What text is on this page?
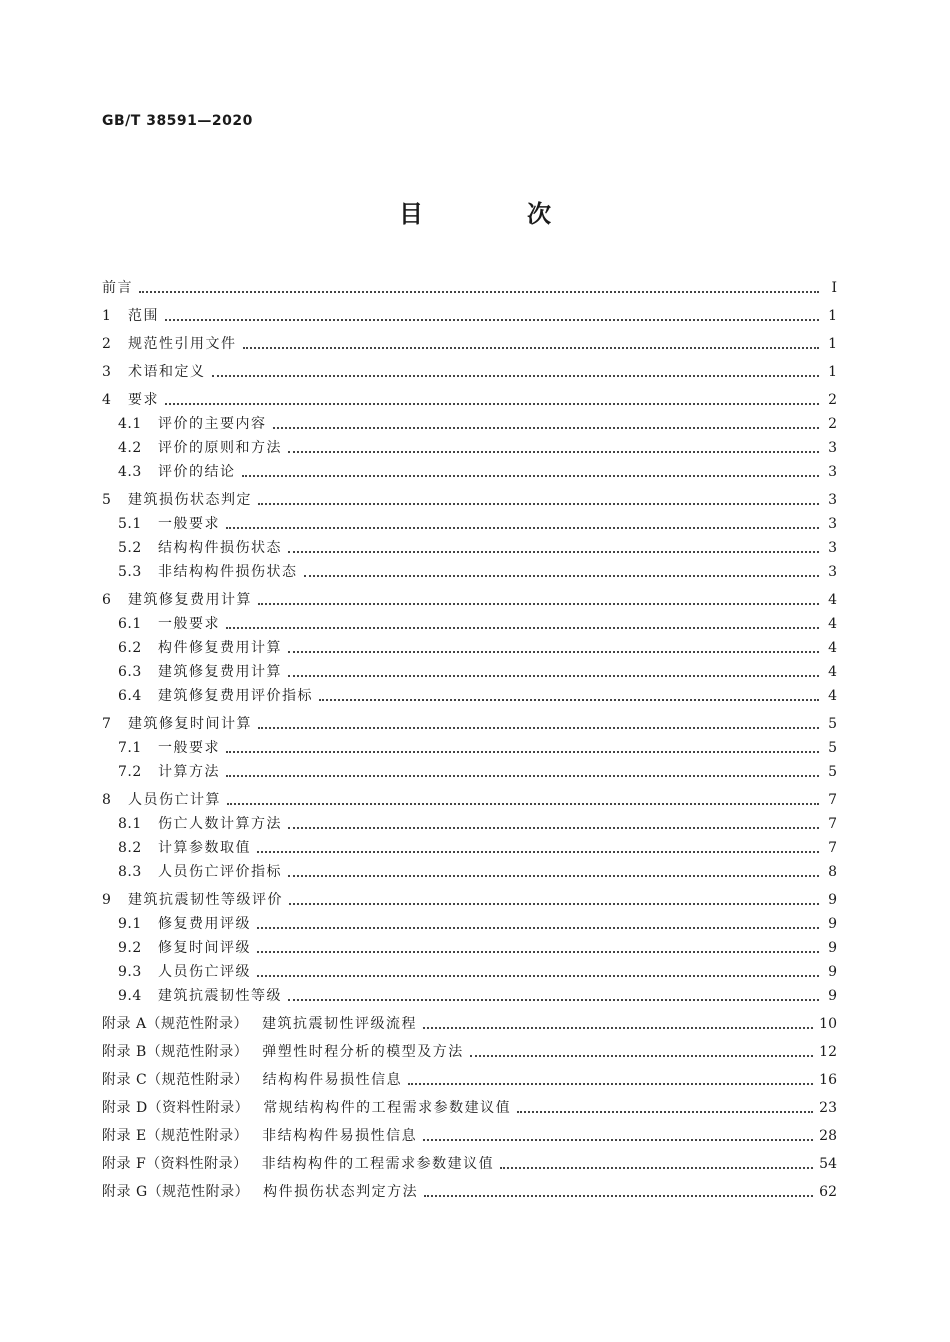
GB/T 38591—2020

目　次
前言	Ⅰ
1	范围	1
2	规范性引用文件	1
3	术语和定义	1
4	要求	2
4.1	评价的主要内容	2
4.2	评价的原则和方法	3
4.3	评价的结论	3
5	建筑损伤状态判定	3
5.1	一般要求	3
5.2	结构构件损伤状态	3
5.3	非结构构件损伤状态	3
6	建筑修复费用计算	4
6.1	一般要求	4
6.2	构件修复费用计算	4
6.3	建筑修复费用计算	4
6.4	建筑修复费用评价指标	4
7	建筑修复时间计算	5
7.1	一般要求	5
7.2	计算方法	5
8	人员伤亡计算	7
8.1	伤亡人数计算方法	7
8.2	计算参数取值	7
8.3	人员伤亡评价指标	8
9	建筑抗震韧性等级评价	9
9.1	修复费用评级	9
9.2	修复时间评级	9
9.3	人员伤亡评级	9
9.4	建筑抗震韧性等级	9
附录 A（规范性附录） 建筑抗震韧性评级流程	10
附录 B（规范性附录） 弹塑性时程分析的模型及方法	12
附录 C（规范性附录） 结构构件易损性信息	16
附录 D（资料性附录） 常规结构构件的工程需求参数建议值	23
附录 E（规范性附录） 非结构构件易损性信息	28
附录 F（资料性附录） 非结构构件的工程需求参数建议值	54
附录 G（规范性附录） 构件损伤状态判定方法	62
